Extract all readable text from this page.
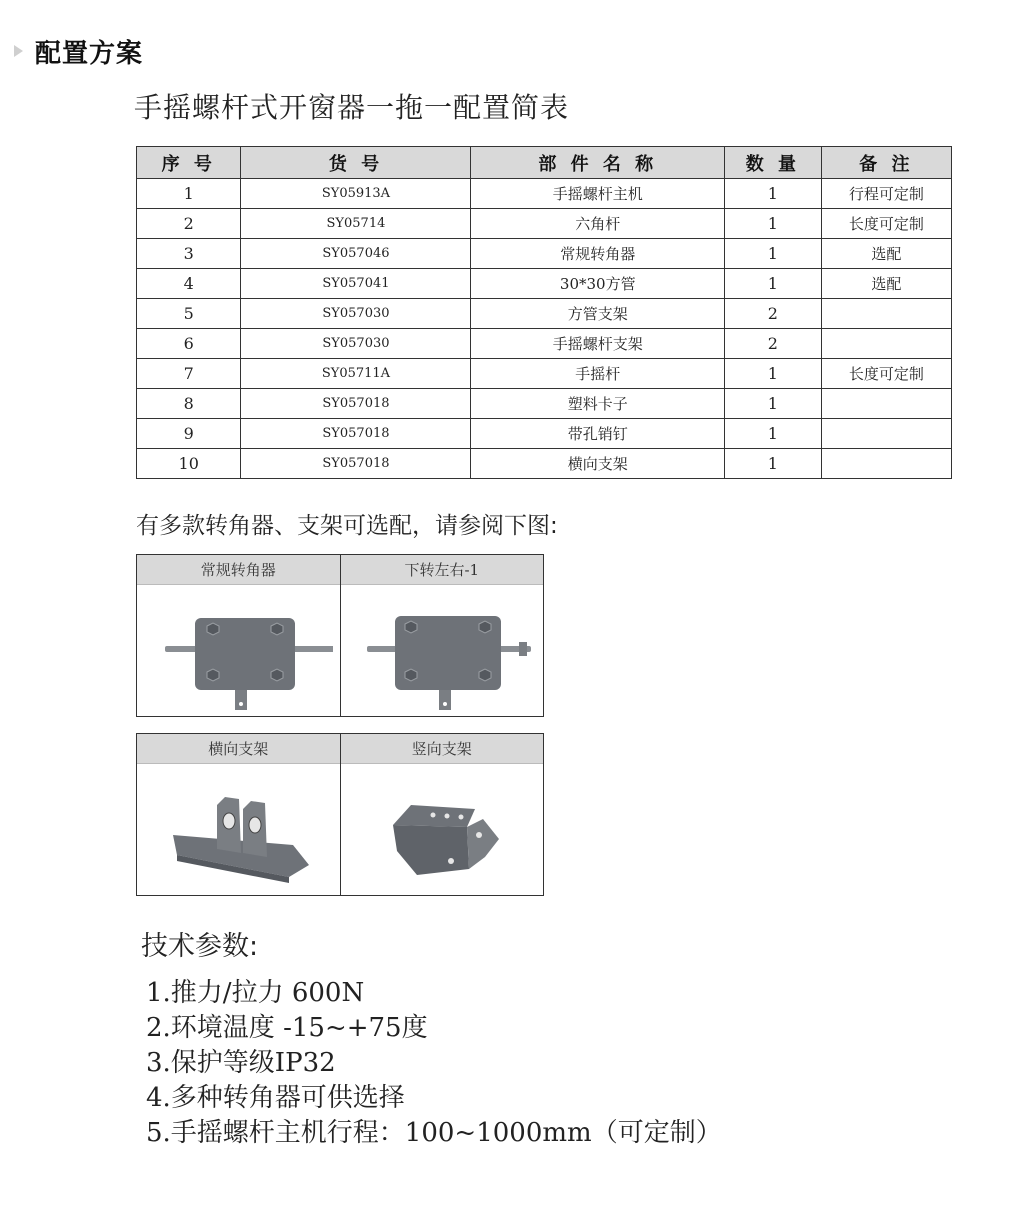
配置方案
手摇螺杆式开窗器一拖一配置简表
序 号	货 号	部 件 名 称	数 量	备 注
1	SY05913A	手摇螺杆主机	1	行程可定制
2	SY05714	六角杆	1	长度可定制
3	SY057046	常规转角器	1	选配
4	SY057041	30*30方管	1	选配
5	SY057030	方管支架	2	
6	SY057030	手摇螺杆支架	2	
7	SY05711A	手摇杆	1	长度可定制
8	SY057018	塑料卡子	1	
9	SY057018	带孔销钉	1	
10	SY057018	横向支架	1	
有多款转角器、支架可选配，请参阅下图:
常规转角器	下转左右-1
横向支架	竖向支架
技术参数:
1.推力/拉力 600N
2.环境温度 -15~+75度
3.保护等级IP32
4.多种转角器可供选择
5.手摇螺杆主机行程：100~1000mm（可定制）
